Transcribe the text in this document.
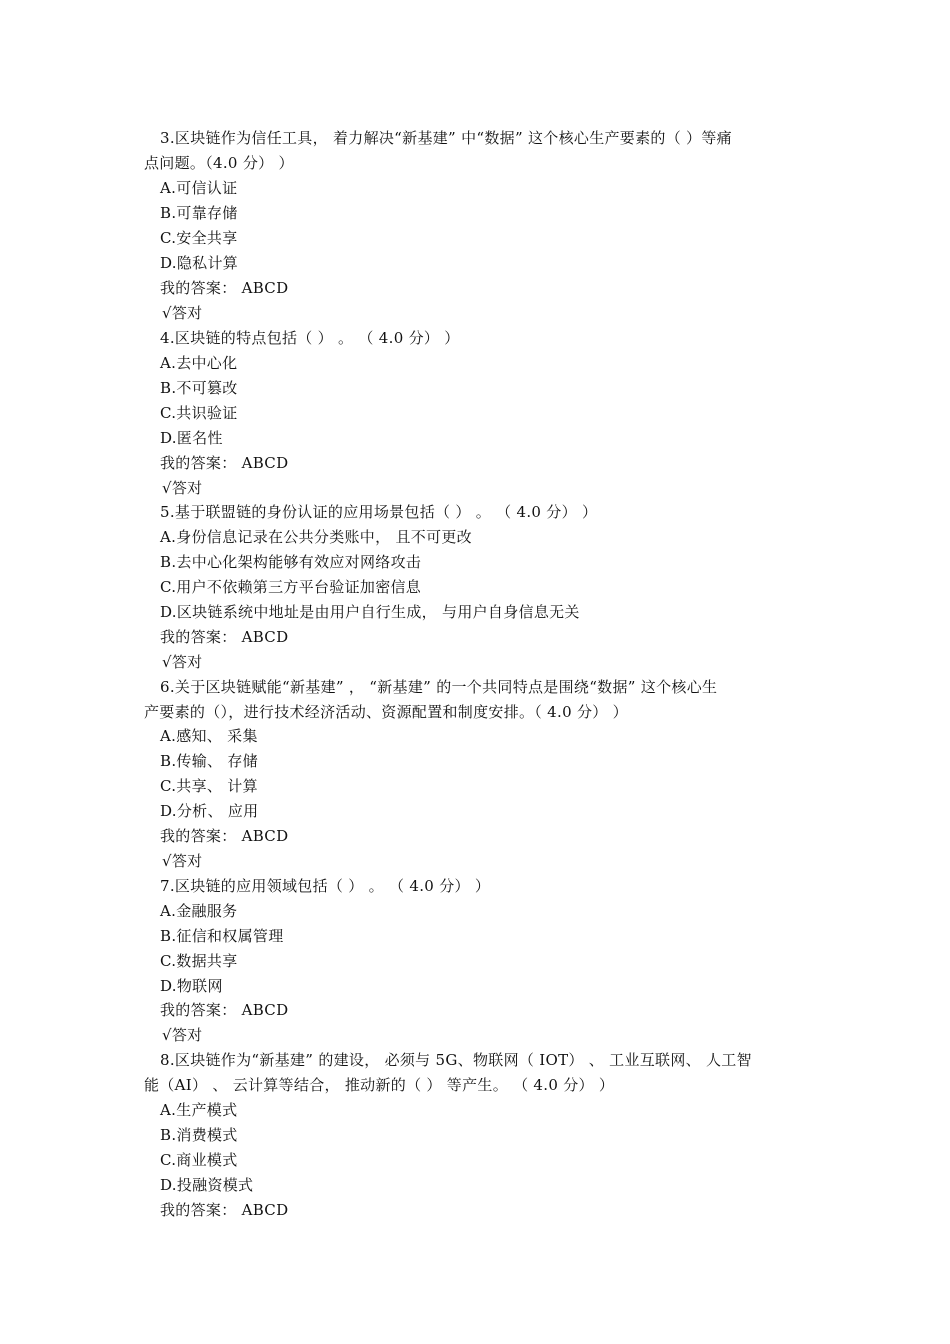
3.区块链作为信任工具， 着力解决“新基建” 中“数据” 这个核心生产要素的（ ）等痛
点问题。（4.0 分） ）
A.可信认证
B.可靠存储
C.安全共享
D.隐私计算
我的答案： ABCD
√答对
4.区块链的特点包括（ ） 。 （ 4.0 分） ）
A.去中心化
B.不可篡改
C.共识验证
D.匿名性
我的答案： ABCD
√答对
5.基于联盟链的身份认证的应用场景包括（ ） 。 （ 4.0 分） ）
A.身份信息记录在公共分类账中， 且不可更改
B.去中心化架构能够有效应对网络攻击
C.用户不依赖第三方平台验证加密信息
D.区块链系统中地址是由用户自行生成， 与用户自身信息无关
我的答案： ABCD
√答对
6.关于区块链赋能“新基建” ， “新基建” 的一个共同特点是围绕“数据” 这个核心生
产要素的（），进行技术经济活动、资源配置和制度安排。（ 4.0 分） ）
A.感知、 采集
B.传输、 存储
C.共享、 计算
D.分析、 应用
我的答案： ABCD
√答对
7.区块链的应用领域包括（ ） 。 （ 4.0 分） ）
A.金融服务
B.征信和权属管理
C.数据共享
D.物联网
我的答案： ABCD
√答对
8.区块链作为“新基建” 的建设， 必须与 5G、物联网（ IOT） 、 工业互联网、 人工智
能（AI） 、 云计算等结合， 推动新的（ ） 等产生。 （ 4.0 分） ）
A.生产模式
B.消费模式
C.商业模式
D.投融资模式
我的答案： ABCD
